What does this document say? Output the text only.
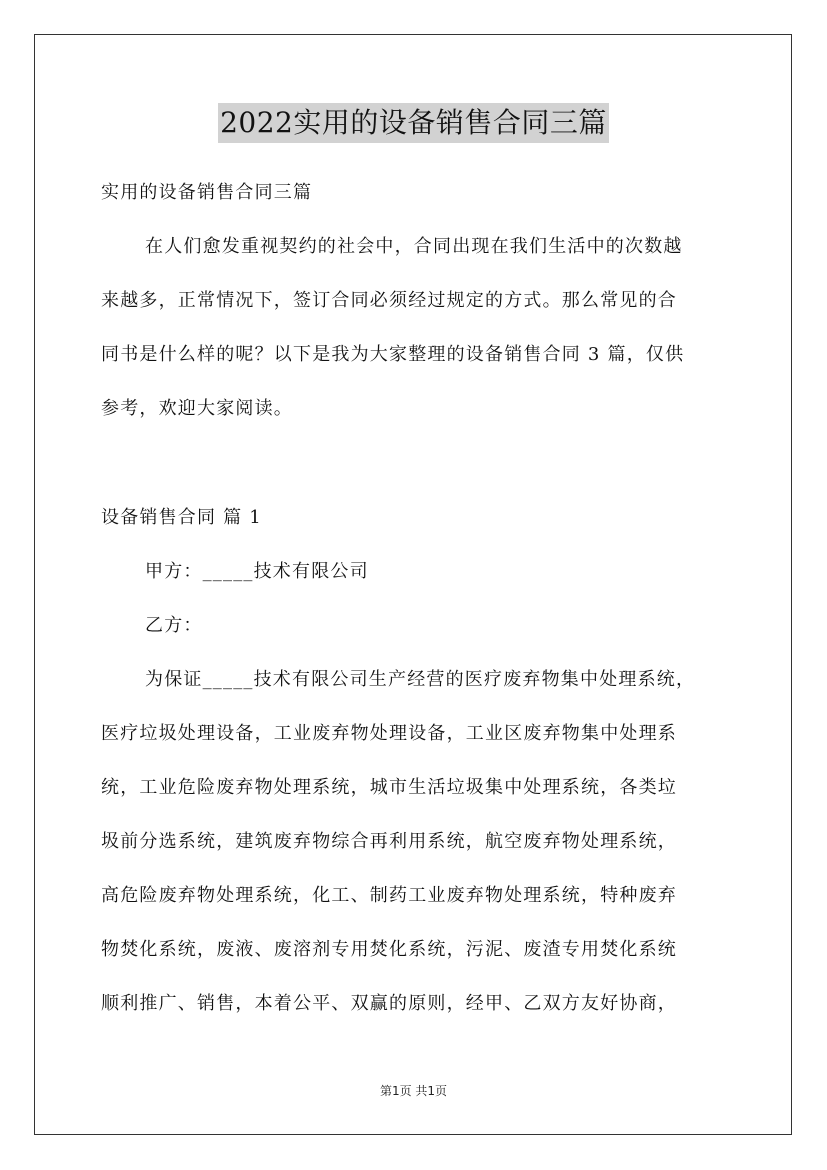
2022实用的设备销售合同三篇

实用的设备销售合同三篇

在人们愈发重视契约的社会中，合同出现在我们生活中的次数越

来越多，正常情况下，签订合同必须经过规定的方式。那么常见的合

同书是什么样的呢？以下是我为大家整理的设备销售合同 3 篇，仅供

参考，欢迎大家阅读。

设备销售合同 篇 1

甲方：_____技术有限公司

乙方：

为保证_____技术有限公司生产经营的医疗废弃物集中处理系统，

医疗垃圾处理设备，工业废弃物处理设备，工业区废弃物集中处理系

统，工业危险废弃物处理系统，城市生活垃圾集中处理系统，各类垃

圾前分选系统，建筑废弃物综合再利用系统，航空废弃物处理系统，

高危险废弃物处理系统，化工、制药工业废弃物处理系统，特种废弃

物焚化系统，废液、废溶剂专用焚化系统，污泥、废渣专用焚化系统

顺利推广、销售，本着公平、双赢的原则，经甲、乙双方友好协商，

第1页 共1页
